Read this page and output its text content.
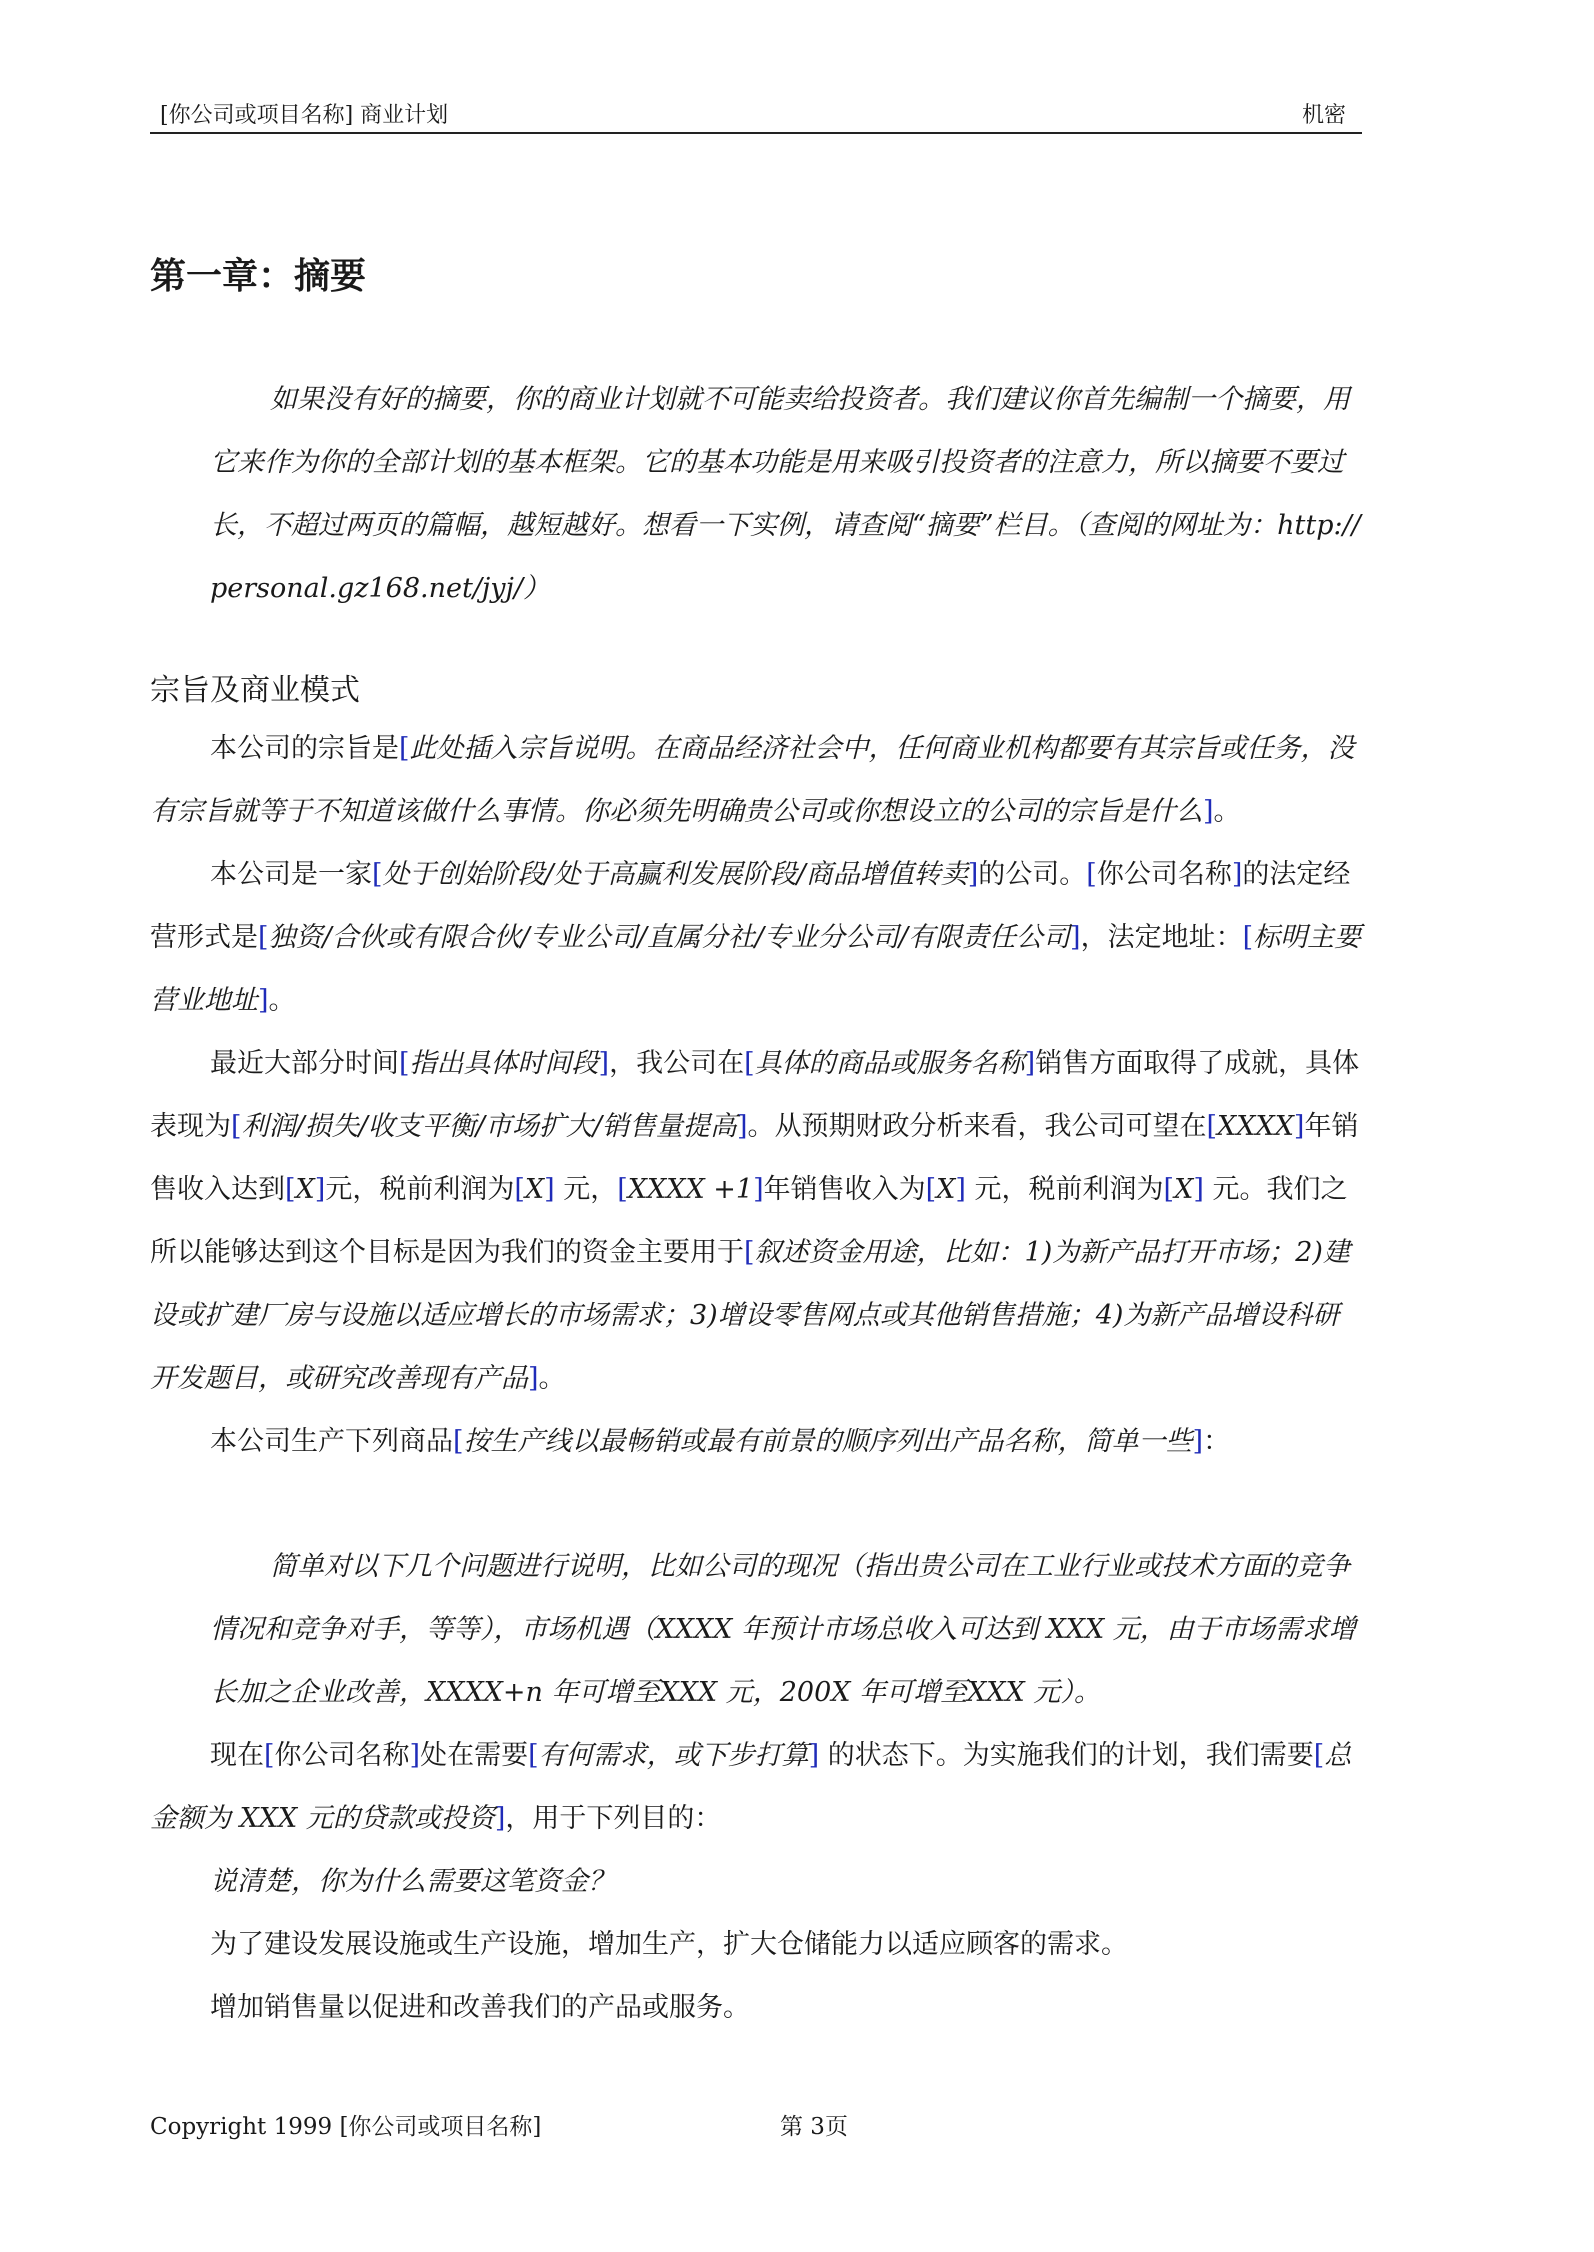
[你公司或项目名称] 商业计划	机密
第一章：摘要

如果没有好的摘要，你的商业计划就不可能卖给投资者。我们建议你首先编制一个摘要，用它来作为你的全部计划的基本框架。它的基本功能是用来吸引投资者的注意力，所以摘要不要过长，不超过两页的篇幅，越短越好。想看一下实例，请查阅“摘要”栏目。（查阅的网址为：http:// personal.gz168.net/jyj/）

宗旨及商业模式

本公司的宗旨是[此处插入宗旨说明。在商品经济社会中，任何商业机构都要有其宗旨或任务，没有宗旨就等于不知道该做什么事情。你必须先明确贵公司或你想设立的公司的宗旨是什么]。

本公司是一家[处于创始阶段/处于高赢利发展阶段/商品增值转卖]的公司。[你公司名称]的法定经营形式是[独资/合伙或有限合伙/专业公司/直属分社/专业分公司/有限责任公司]，法定地址：[标明主要营业地址]。

最近大部分时间[指出具体时间段]，我公司在[具体的商品或服务名称]销售方面取得了成就，具体表现为[利润/损失/收支平衡/市场扩大/销售量提高]。从预期财政分析来看，我公司可望在[XXXX]年销售收入达到[X]元，税前利润为[X] 元，[XXXX +1]年销售收入为[X] 元，税前利润为[X] 元。我们之所以能够达到这个目标是因为我们的资金主要用于[叙述资金用途，比如：1)为新产品打开市场；2)建设或扩建厂房与设施以适应增长的市场需求；3)增设零售网点或其他销售措施；4)为新产品增设科研开发题目，或研究改善现有产品]。

本公司生产下列商品[按生产线以最畅销或最有前景的顺序列出产品名称，简单一些]：

简单对以下几个问题进行说明，比如公司的现况（指出贵公司在工业行业或技术方面的竞争情况和竞争对手，等等），市场机遇（XXXX 年预计市场总收入可达到 XXX 元，由于市场需求增长加之企业改善，XXXX+n 年可增至XXX 元，200X 年可增至XXX 元）。

现在[你公司名称]处在需要[有何需求，或下步打算] 的状态下。为实施我们的计划，我们需要[总金额为 XXX 元的贷款或投资]，用于下列目的：

说清楚，你为什么需要这笔资金？

为了建设发展设施或生产设施，增加生产，扩大仓储能力以适应顾客的需求。

增加销售量以促进和改善我们的产品或服务。

Copyright 1999 [你公司或项目名称]	第 3页
